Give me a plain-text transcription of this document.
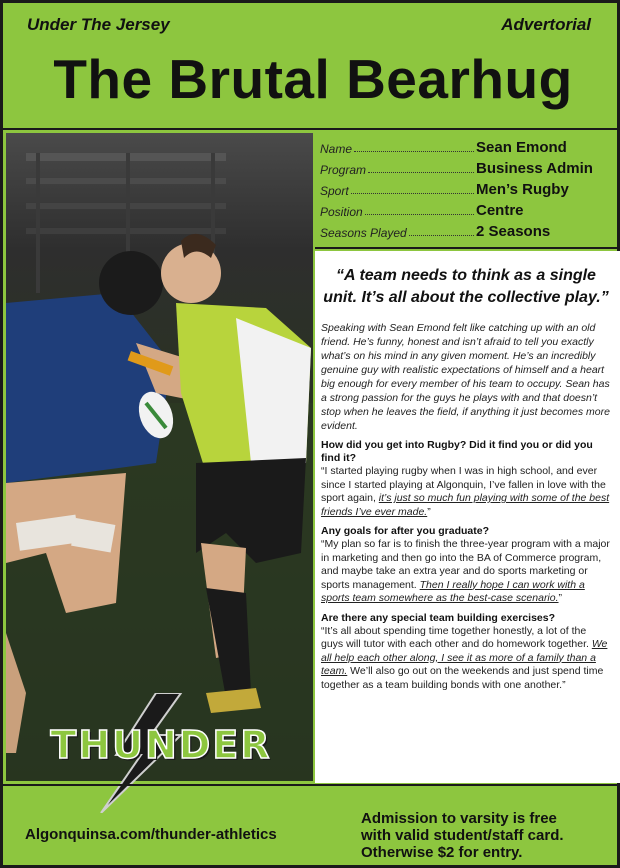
Under The Jersey	Advertorial
The Brutal Bearhug
Name	Sean Emond
Program	Business Admin
Sport	Men’s Rugby
Position	Centre
Seasons Played	2 Seasons
“A team needs to think as a single unit. It’s all about the collective play.”
Speaking with Sean Emond felt like catching up with an old friend. He’s funny, honest and isn’t afraid to tell you exactly what’s on his mind in any given moment. He’s an incredibly genuine guy with realistic expectations of himself and a heart big enough for every member of his team to occupy. Sean has a strong passion for the guys he plays with and that doesn’t stop when he leaves the field, if anything it just becomes more evident.
How did you get into Rugby? Did it find you or did you find it?
“I started playing rugby when I was in high school, and ever since I started playing at Algonquin, I’ve fallen in love with the sport again, it’s just so much fun playing with some of the best friends I’ve ever made.”
Any goals for after you graduate?
“My plan so far is to finish the three-year program with a major in marketing and then go into the BA of Commerce program, and maybe take an extra year and do sports marketing or sports management. Then I really hope I can work with a sports team somewhere as the best-case scenario.”
Are there any special team building exercises?
“It’s all about spending time together honestly, a lot of the guys will tutor with each other and do homework together. We all help each other along, I see it as more of a family than a team. We’ll also go out on the weekends and just spend time together as a team building bonds with one another.”
THUNDER
Algonquinsa.com/thunder-athletics
Admission to varsity is free
with valid student/staff card.
Otherwise $2 for entry.
